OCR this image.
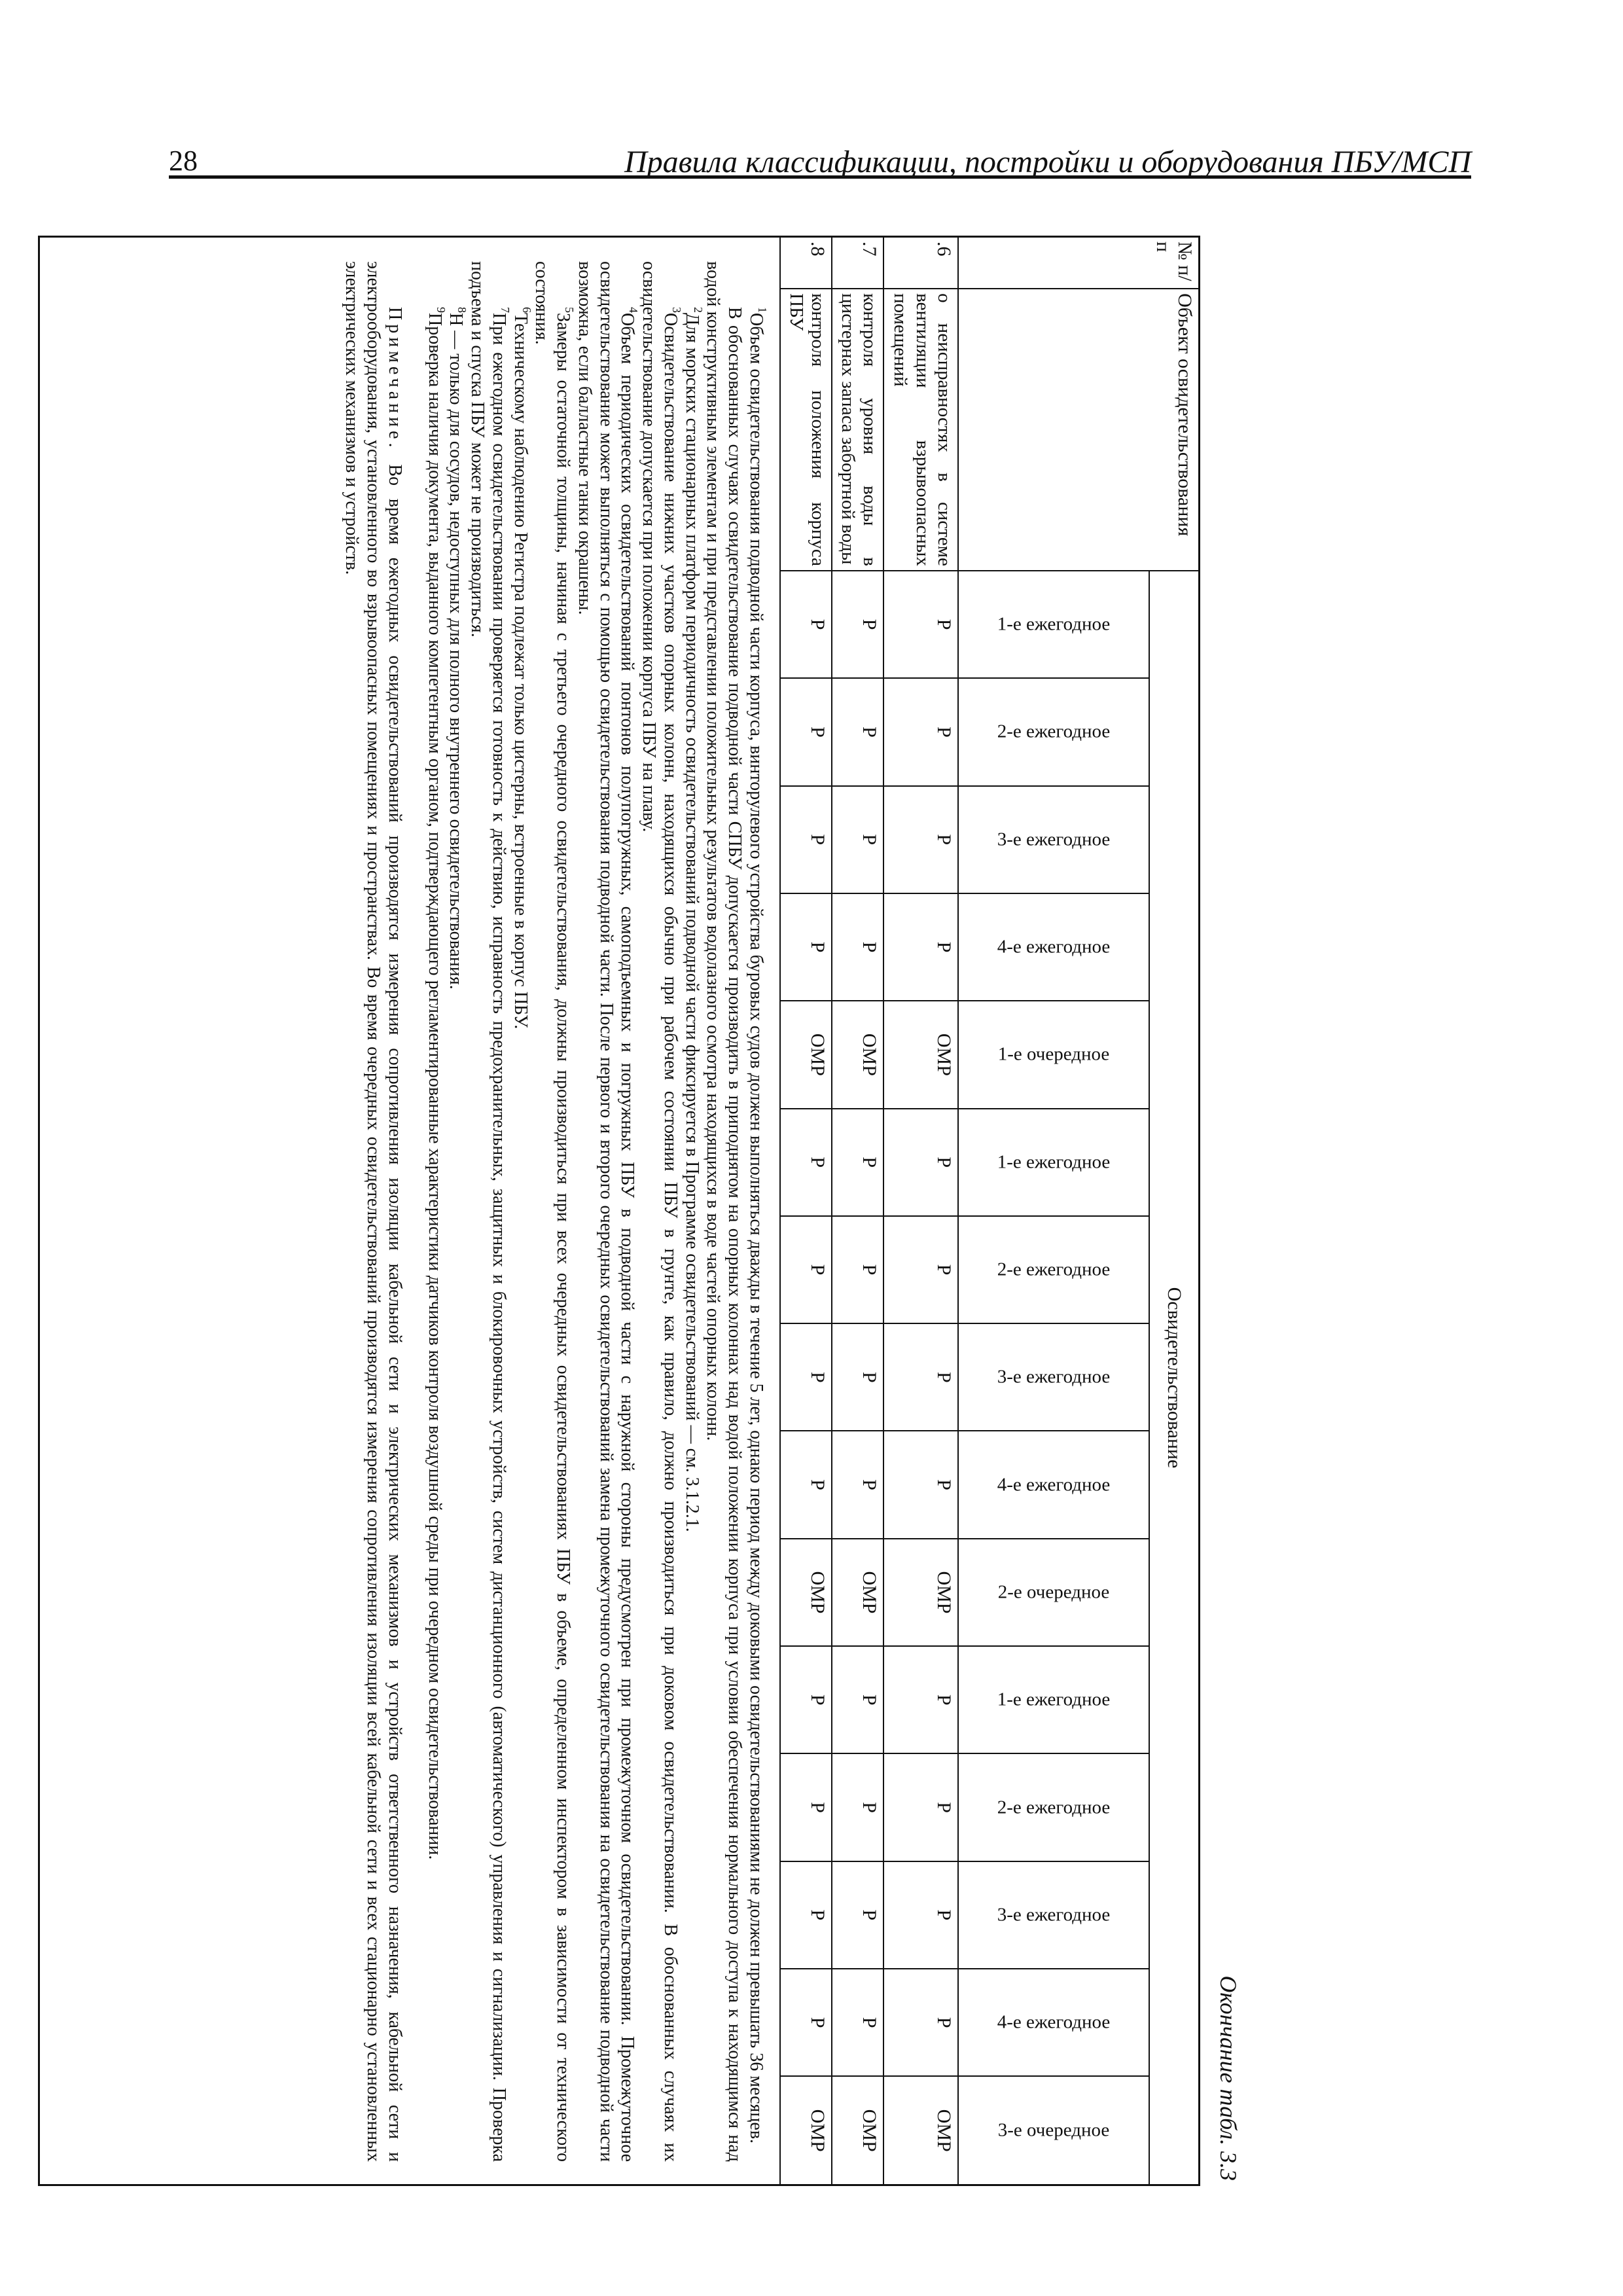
28	Правила классификации, постройки и оборудования ПБУ/МСП
Окончание табл. 3.3
№ п/п	Объект освидетельствования	Освидетельствование														

		1-е ежегодное	2-е ежегодное	3-е ежегодное	4-е ежегодное	1-е очередное	1-е ежегодное	2-е ежегодное	3-е ежегодное	4-е ежегодное	2-е очередное	1-е ежегодное	2-е ежегодное	3-е ежегодное	4-е ежегодное	3-е очередное

.6	о неисправностях в системе вентиляции взрывоопасных помещений	Р	Р	Р	Р	ОМР	Р	Р	Р	Р	ОМР	Р	Р	Р	Р	ОМР
.7	контроля уровня воды в цистернах запаса забортной воды	Р	Р	Р	Р	ОМР	Р	Р	Р	Р	ОМР	Р	Р	Р	Р	ОМР
.8	контроля положения корпуса ПБУ	Р	Р	Р	Р	ОМР	Р	Р	Р	Р	ОМР	Р	Р	Р	Р	ОМР

$^1$Объем освидетельствования подводной части корпуса, винторулевого устройства буровых судов должен выполняться дважды в течение 5 лет, однако период между доковыми освидетельствованиями не должен превышать 36 месяцев.

В обоснованных случаях освидетельствование подводной части СПБУ допускается производить в приподнятом на опорных колоннах над водой положении корпуса при условии обеспечения нормального доступа к находящимся над водой конструктивным элементам и при представлении положительных результатов водолазного осмотра находящихся в воде частей опорных колонн.

$^2$Для морских стационарных платформ периодичность освидетельствований подводной части фиксируется в Программе освидетельствований — см. 3.1.2.1.

$^3$Освидетельствование нижних участков опорных колонн, находящихся обычно при рабочем состоянии ПБУ в грунте, как правило, должно производиться при доковом освидетельствовании. В обоснованных случаях их освидетельствование допускается при положении корпуса ПБУ на плаву.

$^4$Объем периодических освидетельствований понтонов полупогружных, самоподъемных и погружных ПБУ в подводной части с наружной стороны предусмотрен при промежуточном освидетельствовании. Промежуточное освидетельствование может выполняться с помощью освидетельствования подводной части. После первого и второго очередных освидетельствований замена промежуточного освидетельствования на освидетельствование подводной части возможна, если балластные танки окрашены.

$^5$Замеры остаточной толщины, начиная с третьего очередного освидетельствования, должны производиться при всех очередных освидетельствованиях ПБУ в объеме, определенном инспектором в зависимости от технического состояния.

$^6$Техническому наблюдению Регистра подлежат только цистерны, встроенные в корпус ПБУ.

$^7$При ежегодном освидетельствовании проверяется готовность к действию, исправность предохранительных, защитных и блокировочных устройств, систем дистанционного (автоматического) управления и сигнализации. Проверка подъема и спуска ПБУ может не производиться.

$^8$Н — только для сосудов, недоступных для полного внутреннего освидетельствования.

$^9$Проверка наличия документа, выданного компетентным органом, подтверждающего регламентированные характеристики датчиков контроля воздушной среды при очередном освидетельствовании.

Примечание. Во время ежегодных освидетельствований производятся измерения сопротивления изоляции кабельной сети и электрических механизмов и устройств ответственного назначения, кабельной сети и электрооборудования, установленного во взрывоопасных помещениях и пространствах. Во время очередных освидетельствований производятся измерения сопротивления изоляции всей кабельной сети и всех стационарно установленных электрических механизмов и устройств.
